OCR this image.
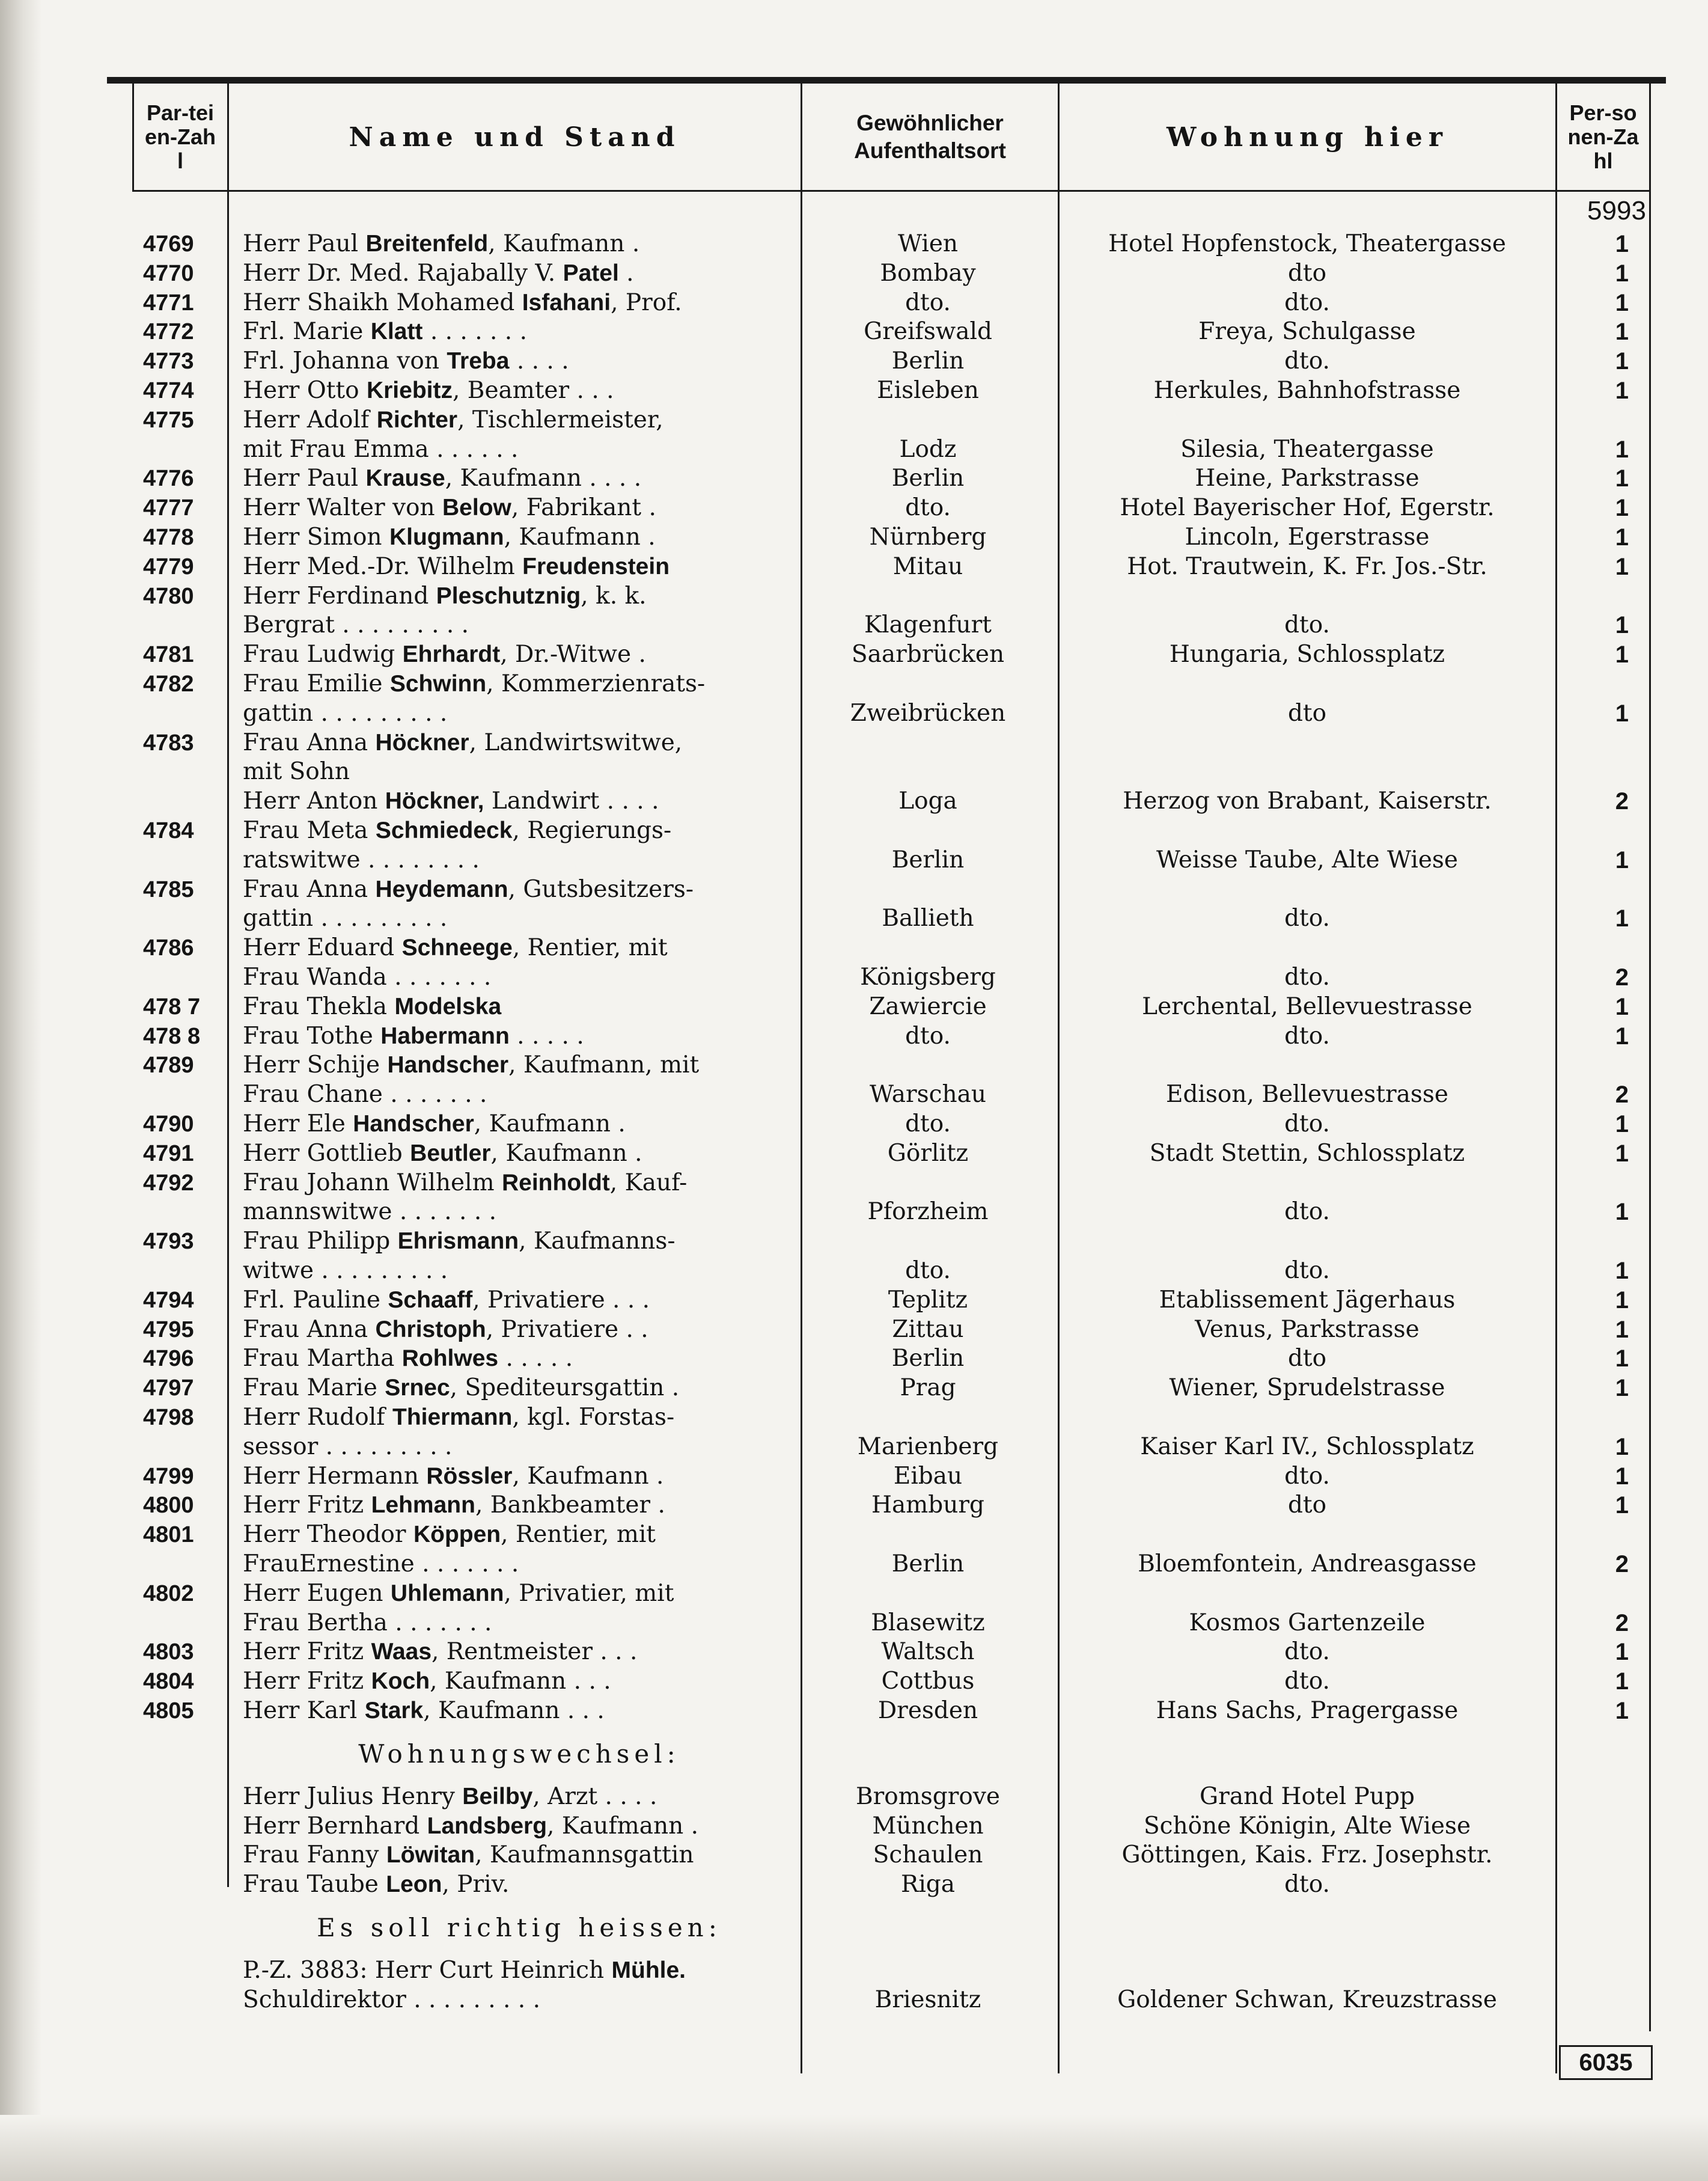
Par-teien-Zahl
Name und Stand	Gewöhnlicher Aufenthaltsort	Wohnung hier
Per-sonen-Zahl
5993
4769	Herr Paul Breitenfeld, Kaufmann .	Wien	Hotel Hopfenstock, Theatergasse	1
4770	Herr Dr. Med. Rajabally V. Patel .	Bombay	dto	1
4771	Herr Shaikh Mohamed Isfahani, Prof.	dto.	dto.	1
4772	Frl. Marie Klatt . . . . . . .	Greifswald	Freya, Schulgasse	1
4773	Frl. Johanna von Treba . . . .	Berlin	dto.	1
4774	Herr Otto Kriebitz, Beamter . . .	Eisleben	Herkules, Bahnhofstrasse	1
4775	Herr Adolf Richter, Tischlermeister,
mit Frau Emma . . . . . .	Lodz	Silesia, Theatergasse	1
4776	Herr Paul Krause, Kaufmann . . . .	Berlin	Heine, Parkstrasse	1
4777	Herr Walter von Below, Fabrikant .	dto.	Hotel Bayerischer Hof, Egerstr.	1
4778	Herr Simon Klugmann, Kaufmann .	Nürnberg	Lincoln, Egerstrasse	1
4779	Herr Med.-Dr. Wilhelm Freudenstein	Mitau	Hot. Trautwein, K. Fr. Jos.-Str.	1
4780	Herr Ferdinand Pleschutznig, k. k.
Bergrat . . . . . . . . .	Klagenfurt	dto.	1
4781	Frau Ludwig Ehrhardt, Dr.-Witwe .	Saarbrücken	Hungaria, Schlossplatz	1
4782	Frau Emilie Schwinn, Kommerzienrats-
gattin . . . . . . . . .	Zweibrücken	dto	1
4783	Frau Anna Höckner, Landwirtswitwe,
mit Sohn
Herr Anton Höckner, Landwirt . . . .	Loga	Herzog von Brabant, Kaiserstr.	2
4784	Frau Meta Schmiedeck, Regierungs-
ratswitwe . . . . . . . .	Berlin	Weisse Taube, Alte Wiese	1
4785	Frau Anna Heydemann, Gutsbesitzers-
gattin . . . . . . . . .	Ballieth	dto.	1
4786	Herr Eduard Schneege, Rentier, mit
Frau Wanda . . . . . . .	Königsberg	dto.	2
478 7	Frau Thekla Modelska	Zawiercie	Lerchental, Bellevuestrasse	1
478 8	Frau Tothe Habermann . . . . .	dto.	dto.	1
4789	Herr Schije Handscher, Kaufmann, mit
Frau Chane . . . . . . .	Warschau	Edison, Bellevuestrasse	2
4790	Herr Ele Handscher, Kaufmann .	dto.	dto.	1
4791	Herr Gottlieb Beutler, Kaufmann .	Görlitz	Stadt Stettin, Schlossplatz	1
4792	Frau Johann Wilhelm Reinholdt, Kauf-
mannswitwe . . . . . . .	Pforzheim	dto.	1
4793	Frau Philipp Ehrismann, Kaufmanns-
witwe . . . . . . . . .	dto.	dto.	1
4794	Frl. Pauline Schaaff, Privatiere . . .	Teplitz	Etablissement Jägerhaus	1
4795	Frau Anna Christoph, Privatiere . .	Zittau	Venus, Parkstrasse	1
4796	Frau Martha Rohlwes . . . . .	Berlin	dto	1
4797	Frau Marie Srnec, Spediteursgattin .	Prag	Wiener, Sprudelstrasse	1
4798	Herr Rudolf Thiermann, kgl. Forstas-
sessor . . . . . . . . .	Marienberg	Kaiser Karl IV., Schlossplatz	1
4799	Herr Hermann Rössler, Kaufmann .	Eibau	dto.	1
4800	Herr Fritz Lehmann, Bankbeamter .	Hamburg	dto	1
4801	Herr Theodor Köppen, Rentier, mit
FrauErnestine . . . . . . .	Berlin	Bloemfontein, Andreasgasse	2
4802	Herr Eugen Uhlemann, Privatier, mit
Frau Bertha . . . . . . .	Blasewitz	Kosmos Gartenzeile	2
4803	Herr Fritz Waas, Rentmeister . . .	Waltsch	dto.	1
4804	Herr Fritz Koch, Kaufmann . . .	Cottbus	dto.	1
4805	Herr Karl Stark, Kaufmann . . .	Dresden	Hans Sachs, Pragergasse	1
Wohnungswechsel:
Herr Julius Henry Beilby, Arzt . . . .	Bromsgrove	Grand Hotel Pupp
Herr Bernhard Landsberg, Kaufmann .	München	Schöne Königin, Alte Wiese
Frau Fanny Löwitan, Kaufmannsgattin	Schaulen	Göttingen, Kais. Frz. Josephstr.
Frau Taube Leon, Priv.	Riga	dto.
Es soll richtig heissen:
P.-Z. 3883: Herr Curt Heinrich Mühle.
Schuldirektor . . . . . . . . .	Briesnitz	Goldener Schwan, Kreuzstrasse
6035
